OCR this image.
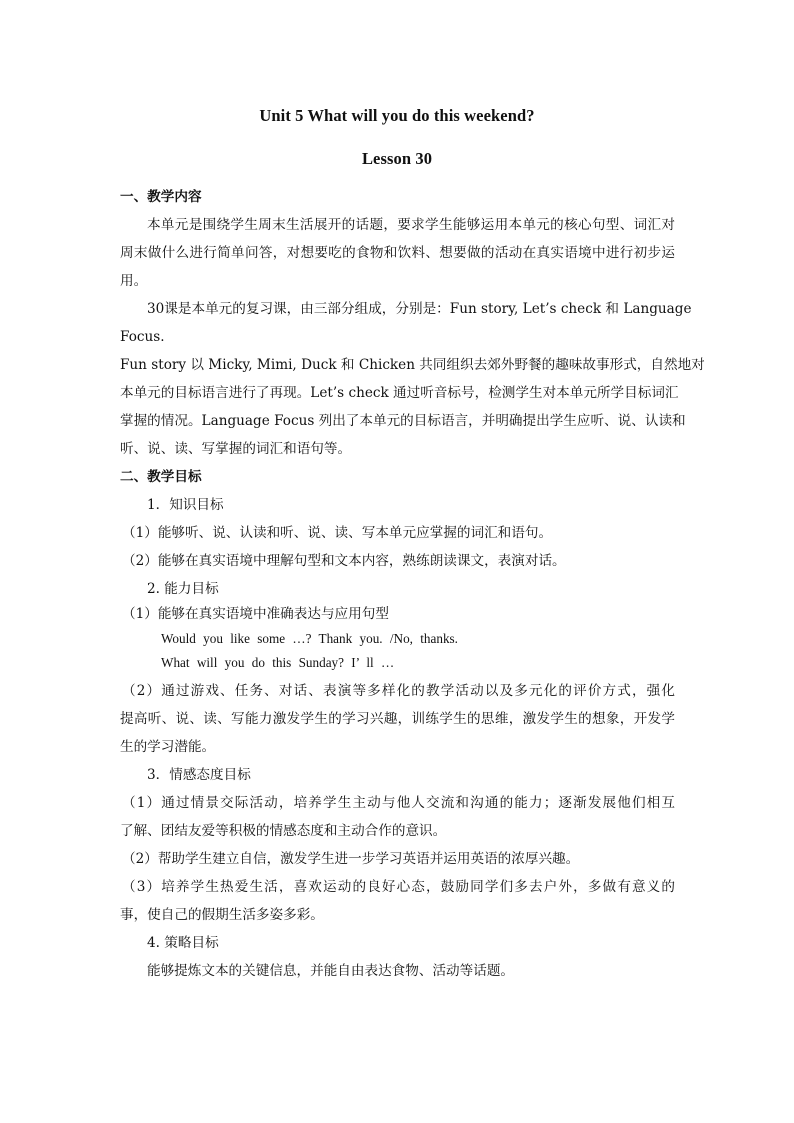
Unit 5 What will you do this weekend?
Lesson 30
一、教学内容
本单元是围绕学生周末生活展开的话题，要求学生能够运用本单元的核心句型、词汇对
周末做什么进行简单问答，对想要吃的食物和饮料、想要做的活动在真实语境中进行初步运
用。
30课是本单元的复习课，由三部分组成，分别是：Fun story, Let’s check 和 Language
Focus.
Fun story 以 Micky, Mimi, Duck 和 Chicken 共同组织去郊外野餐的趣味故事形式，自然地对
本单元的目标语言进行了再现。Let’s check 通过听音标号，检测学生对本单元所学目标词汇
掌握的情况。Language Focus 列出了本单元的目标语言，并明确提出学生应听、说、认读和
听、说、读、写掌握的词汇和语句等。
二、教学目标
1．知识目标
（1）能够听、说、认读和听、说、读、写本单元应掌握的词汇和语句。
（2）能够在真实语境中理解句型和文本内容，熟练朗读课文，表演对话。
2. 能力目标
（1）能够在真实语境中准确表达与应用句型
Would you like some …? Thank you. /No, thanks.
What will you do this Sunday? I’ ll …
（2）通过游戏、任务、对话、表演等多样化的教学活动以及多元化的评价方式，强化
提高听、说、读、写能力激发学生的学习兴趣，训练学生的思维，激发学生的想象，开发学
生的学习潜能。
3．情感态度目标
（1）通过情景交际活动，培养学生主动与他人交流和沟通的能力；逐渐发展他们相互
了解、团结友爱等积极的情感态度和主动合作的意识。
（2）帮助学生建立自信，激发学生进一步学习英语并运用英语的浓厚兴趣。
（3）培养学生热爱生活，喜欢运动的良好心态，鼓励同学们多去户外，多做有意义的
事，使自己的假期生活多姿多彩。
4. 策略目标
能够提炼文本的关键信息，并能自由表达食物、活动等话题。
